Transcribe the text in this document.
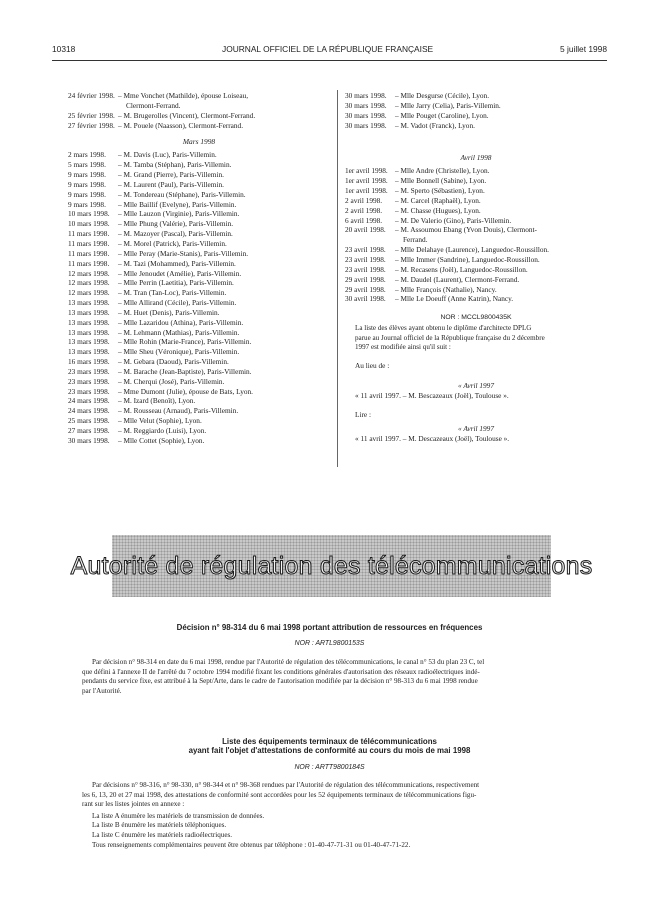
10318	JOURNAL OFFICIEL DE LA RÉPUBLIQUE FRANÇAISE	5 juillet 1998
24 février 1998. – Mme Vonchet (Mathilde), épouse Loiseau,
Clermont-Ferrand.
25 février 1998. – M. Brugerolles (Vincent), Clermont-Ferrand.
27 février 1998. – M. Pouele (Naasson), Clermont-Ferrand.
Mars 1998
2 mars 1998. – M. Davis (Luc), Paris-Villemin.
5 mars 1998. – M. Tamba (Stéphan), Paris-Villemin.
9 mars 1998. – M. Grand (Pierre), Paris-Villemin.
9 mars 1998. – M. Laurent (Paul), Paris-Villemin.
9 mars 1998. – M. Tondereau (Stéphane), Paris-Villemin.
9 mars 1998. – Mlle Baillif (Evelyne), Paris-Villemin.
10 mars 1998. – Mlle Lauzon (Virginie), Paris-Villemin.
10 mars 1998. – Mlle Phung (Valérie), Paris-Villemin.
11 mars 1998. – M. Mazoyer (Pascal), Paris-Villemin.
11 mars 1998. – M. Morel (Patrick), Paris-Villemin.
11 mars 1998. – Mlle Peray (Marie-Stanis), Paris-Villemin.
11 mars 1998. – M. Tazi (Mohammed), Paris-Villemin.
12 mars 1998. – Mlle Jenoudet (Amélie), Paris-Villemin.
12 mars 1998. – Mlle Perrin (Laetitia), Paris-Villemin.
12 mars 1998. – M. Tran (Tan-Loc), Paris-Villemin.
13 mars 1998. – Mlle Allirand (Cécile), Paris-Villemin.
13 mars 1998. – M. Huet (Denis), Paris-Villemin.
13 mars 1998. – Mlle Lazaridou (Athina), Paris-Villemin.
13 mars 1998. – M. Lehmann (Mathias), Paris-Villemin.
13 mars 1998. – Mlle Rohin (Marie-France), Paris-Villemin.
13 mars 1998. – Mlle Sheu (Véronique), Paris-Villemin.
16 mars 1998. – M. Gebara (Daoud), Paris-Villemin.
23 mars 1998. – M. Barache (Jean-Baptiste), Paris-Villemin.
23 mars 1998. – M. Cherqui (José), Paris-Villemin.
23 mars 1998. – Mme Dumont (Julie), épouse de Bats, Lyon.
24 mars 1998. – M. Izard (Benoît), Lyon.
24 mars 1998. – M. Rousseau (Arnaud), Paris-Villemin.
25 mars 1998. – Mlle Velut (Sophie), Lyon.
27 mars 1998. – M. Reggiardo (Luisi), Lyon.
30 mars 1998. – Mlle Cottet (Sophie), Lyon.
30 mars 1998. – Mlle Desgurse (Cécile), Lyon.
30 mars 1998. – Mlle Jarry (Celia), Paris-Villemin.
30 mars 1998. – Mlle Pouget (Caroline), Lyon.
30 mars 1998. – M. Vadot (Franck), Lyon.
Avril 1998
1er avril 1998. – Mlle Andre (Christelle), Lyon.
1er avril 1998. – Mlle Bonnell (Sabine), Lyon.
1er avril 1998. – M. Sperto (Sébastien), Lyon.
2 avril 1998. – M. Carcel (Raphaël), Lyon.
2 avril 1998. – M. Chasse (Hugues), Lyon.
6 avril 1998. – M. De Valerio (Gino), Paris-Villemin.
20 avril 1998. – M. Assoumou Ebang (Yvon Douis), Clermont-
Ferrand.
23 avril 1998. – Mlle Delahaye (Laurence), Languedoc-Roussillon.
23 avril 1998. – Mlle Immer (Sandrine), Languedoc-Roussillon.
23 avril 1998. – M. Recasens (Joël), Languedoc-Roussillon.
29 avril 1998. – M. Daudel (Laurent), Clermont-Ferrand.
29 avril 1998. – Mlle François (Nathalie), Nancy.
30 avril 1998. – Mlle Le Doeuff (Anne Katrin), Nancy.
NOR : MCCL9800435K
La liste des élèves ayant obtenu le diplôme d'architecte DPLG
parue au Journal officiel de la République française du 2 décembre
1997 est modifiée ainsi qu'il suit :
Au lieu de :
« Avril 1997
« 11 avril 1997. – M. Bescazeaux (Joël), Toulouse ».
Lire :
« Avril 1997
« 11 avril 1997. – M. Descazeaux (Joël), Toulouse ».
Autorité de régulation des télécommunications
Décision n° 98-314 du 6 mai 1998 portant attribution de ressources en fréquences
NOR : ARTL9800153S
Par décision n° 98-314 en date du 6 mai 1998, rendue par l'Autorité de régulation des télécommunications, le canal n° 53 du plan 23 C, tel
que défini à l'annexe II de l'arrêté du 7 octobre 1994 modifié fixant les conditions générales d'autorisation des réseaux radioélectriques indé-
pendants du service fixe, est attribué à la Sept/Arte, dans le cadre de l'autorisation modifiée par la décision n° 98-313 du 6 mai 1998 rendue
par l'Autorité.
Liste des équipements terminaux de télécommunications
ayant fait l'objet d'attestations de conformité au cours du mois de mai 1998
NOR : ARTT9800184S
Par décisions n° 98-316, n° 98-330, n° 98-344 et n° 98-368 rendues par l'Autorité de régulation des télécommunications, respectivement
les 6, 13, 20 et 27 mai 1998, des attestations de conformité sont accordées pour les 52 équipements terminaux de télécommunications figu-
rant sur les listes jointes en annexe :
La liste A énumère les matériels de transmission de données.
La liste B énumère les matériels téléphoniques.
La liste C énumère les matériels radioélectriques.
Tous renseignements complémentaires peuvent être obtenus par téléphone : 01-40-47-71-31 ou 01-40-47-71-22.
